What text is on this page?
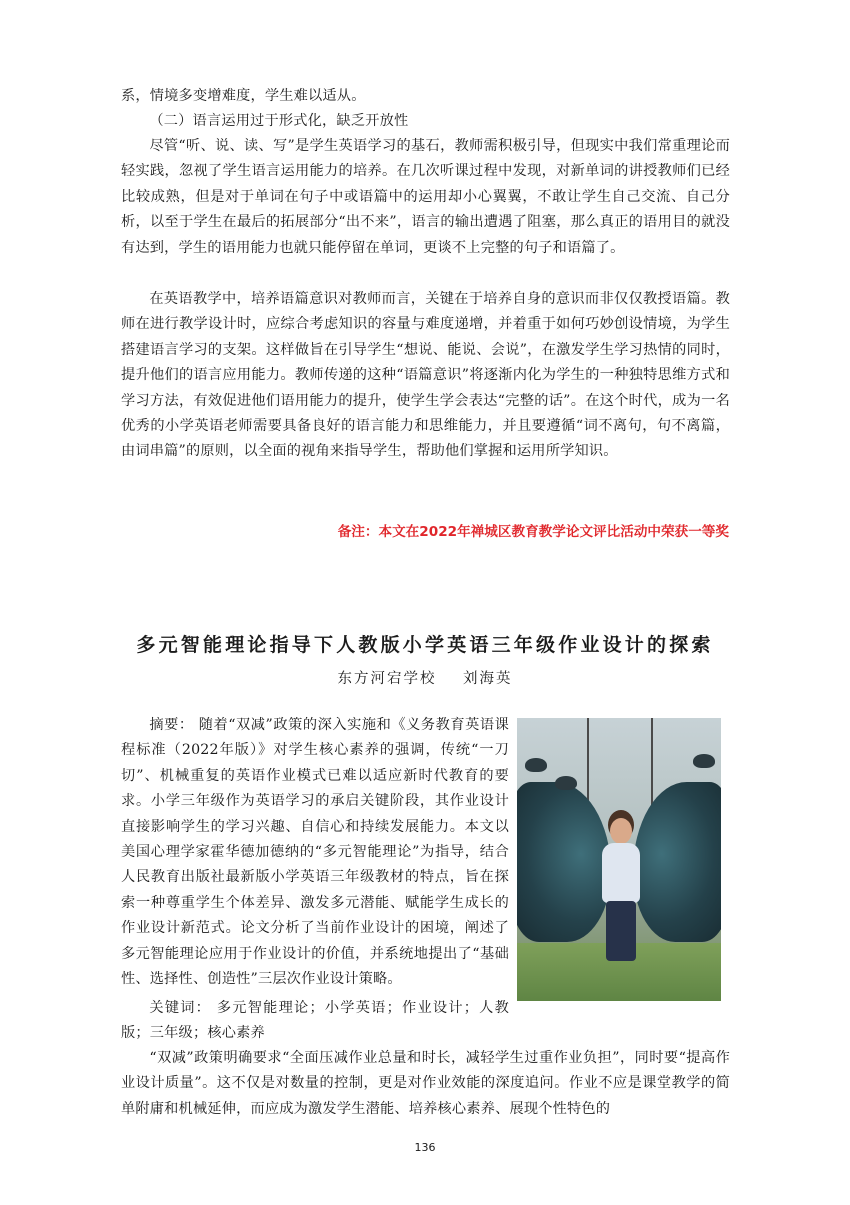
系，情境多变增难度，学生难以适从。

（二）语言运用过于形式化，缺乏开放性

尽管“听、说、读、写”是学生英语学习的基石，教师需积极引导，但现实中我们常重理论而轻实践，忽视了学生语言运用能力的培养。在几次听课过程中发现，对新单词的讲授教师们已经比较成熟，但是对于单词在句子中或语篇中的运用却小心翼翼，不敢让学生自己交流、自己分析，以至于学生在最后的拓展部分“出不来”，语言的输出遭遇了阻塞，那么真正的语用目的就没有达到，学生的语用能力也就只能停留在单词，更谈不上完整的句子和语篇了。

在英语教学中，培养语篇意识对教师而言，关键在于培养自身的意识而非仅仅教授语篇。教师在进行教学设计时，应综合考虑知识的容量与难度递增，并着重于如何巧妙创设情境，为学生搭建语言学习的支架。这样做旨在引导学生“想说、能说、会说”，在激发学生学习热情的同时，提升他们的语言应用能力。教师传递的这种“语篇意识”将逐渐内化为学生的一种独特思维方式和学习方法，有效促进他们语用能力的提升，使学生学会表达“完整的话”。在这个时代，成为一名优秀的小学英语老师需要具备良好的语言能力和思维能力，并且要遵循“词不离句，句不离篇，由词串篇”的原则，以全面的视角来指导学生，帮助他们掌握和运用所学知识。

备注：本文在2022年禅城区教育教学论文评比活动中荣获一等奖

多元智能理论指导下人教版小学英语三年级作业设计的探索

东方河宕学校    刘海英

摘要： 随着“双减”政策的深入实施和《义务教育英语课程标准（2022年版）》对学生核心素养的强调，传统“一刀切”、机械重复的英语作业模式已难以适应新时代教育的要求。小学三年级作为英语学习的承启关键阶段，其作业设计直接影响学生的学习兴趣、自信心和持续发展能力。本文以美国心理学家霍华德加德纳的“多元智能理论”为指导，结合人民教育出版社最新版小学英语三年级教材的特点，旨在探索一种尊重学生个体差异、激发多元潜能、赋能学生成长的作业设计新范式。论文分析了当前作业设计的困境，阐述了多元智能理论应用于作业设计的价值，并系统地提出了“基础性、选择性、创造性”三层次作业设计策略。

关键词： 多元智能理论；小学英语；作业设计；人教版；三年级；核心素养

“双减”政策明确要求“全面压减作业总量和时长，减轻学生过重作业负担”，同时要“提高作业设计质量”。这不仅是对数量的控制，更是对作业效能的深度追问。作业不应是课堂教学的简单附庸和机械延伸，而应成为激发学生潜能、培养核心素养、展现个性特色的

136
